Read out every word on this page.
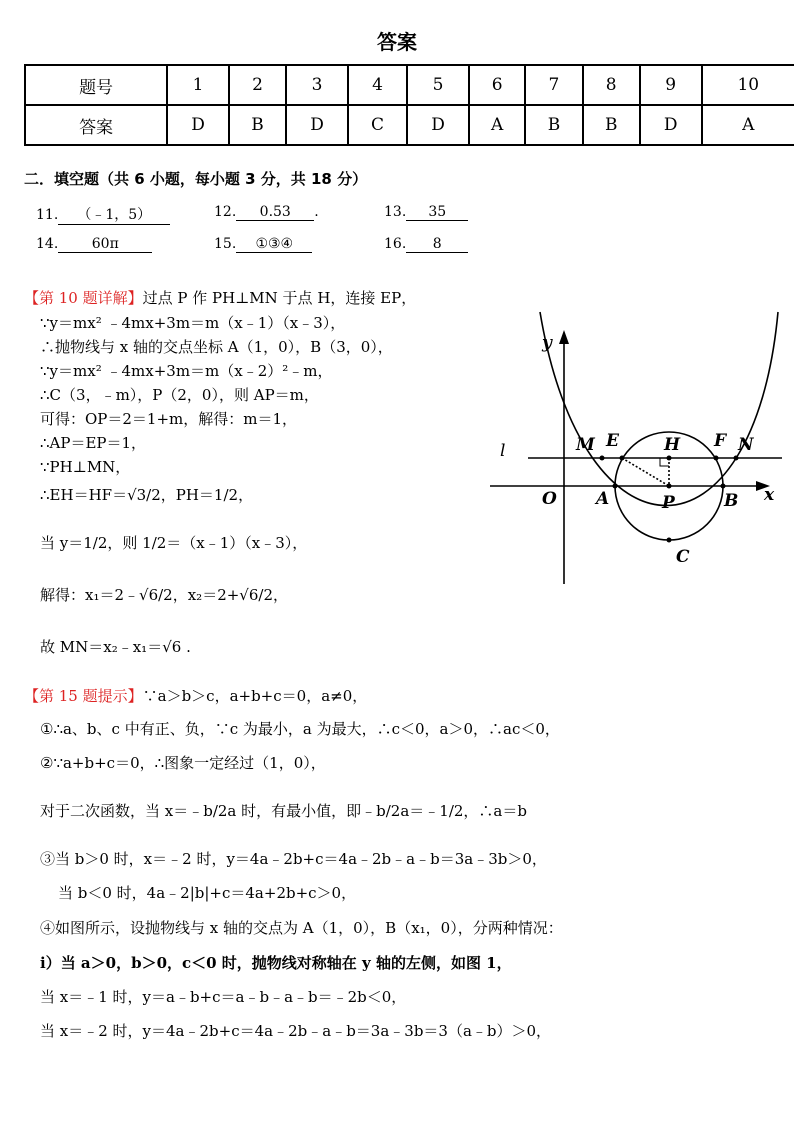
答案
题号	1	2	3	4	5	6	7	8	9	10
答案	D	B	D	C	D	A	B	B	D	A
二．填空题（共 6 小题，每小题 3 分，共 18 分）
11. （﹣1，5）	12. 0.53 .	13. 35
14. 60π	15. ①③④	16. 8
【第 10 题详解】过点 P 作 PH⊥MN 于点 H，连接 EP，
∵y＝mx² ﹣4mx+3m＝m（x﹣1）（x﹣3），
∴抛物线与 x 轴的交点坐标 A（1，0），B（3，0），
∵y＝mx² ﹣4mx+3m＝m（x﹣2）²﹣m，
∴C（3，﹣m），P（2，0），则 AP＝m，
可得：OP＝2＝1+m，解得：m＝1，
∴AP＝EP＝1，
∵PH⊥MN，
∴EH＝HF＝√3/2，PH＝1/2，
当 y＝1/2，则 1/2＝（x﹣1）（x﹣3），
解得：x₁＝2﹣√6/2，x₂＝2+√6/2，
故 MN＝x₂﹣x₁＝√6 .
y
x
l	M E	H F N
O A	P	B
C
【第 15 题提示】∵a＞b＞c，a+b+c＝0，a≠0，
①∴a、b、c 中有正、负，∵c 为最小，a 为最大，∴c＜0，a＞0，∴ac＜0，
②∵a+b+c＝0，∴图象一定经过（1，0），
对于二次函数，当 x＝﹣b/2a 时，有最小值，即﹣b/2a＝﹣1/2，∴a＝b
③当 b＞0 时，x＝﹣2 时，y＝4a﹣2b+c＝4a﹣2b﹣a﹣b＝3a﹣3b＞0，
当 b＜0 时，4a﹣2|b|+c＝4a+2b+c＞0，
④如图所示，设抛物线与 x 轴的交点为 A（1，0），B（x₁，0），分两种情况：
i）当 a＞0，b＞0，c＜0 时，抛物线对称轴在 y 轴的左侧，如图 1，
当 x＝﹣1 时，y＝a﹣b+c＝a﹣b﹣a﹣b＝﹣2b＜0，
当 x＝﹣2 时，y＝4a﹣2b+c＝4a﹣2b﹣a﹣b＝3a﹣3b＝3（a﹣b）＞0，
